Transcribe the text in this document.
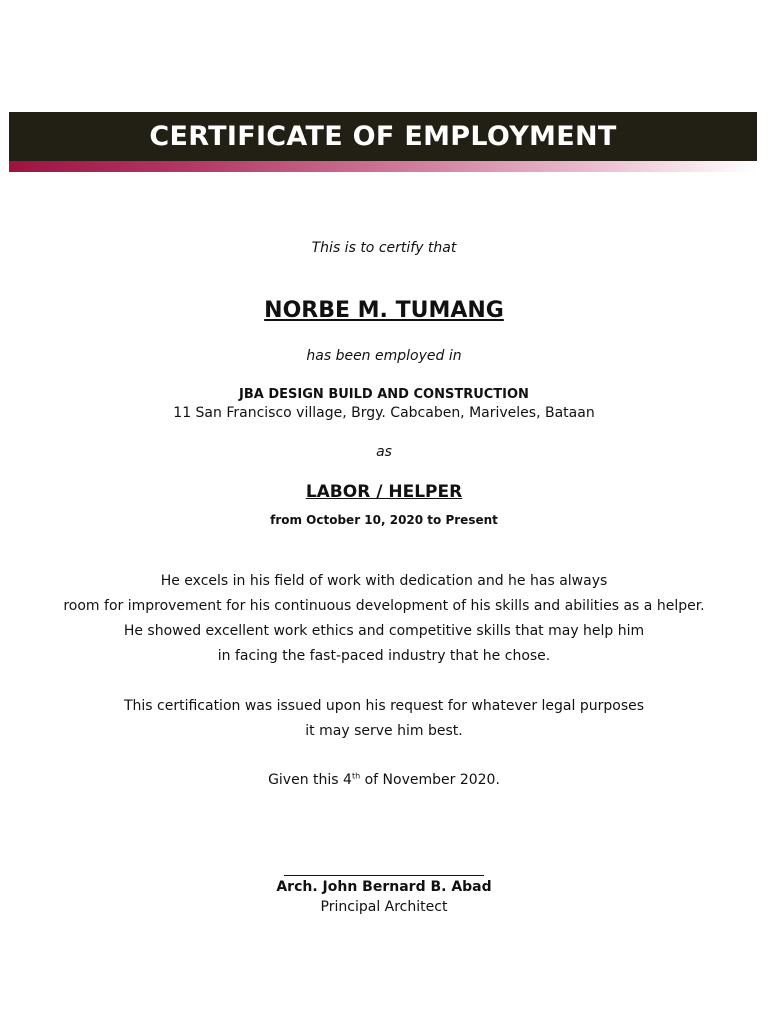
CERTIFICATE OF EMPLOYMENT
This is to certify that
NORBE M. TUMANG
has been employed in
JBA DESIGN BUILD AND CONSTRUCTION
11 San Francisco village, Brgy. Cabcaben, Mariveles, Bataan
as
LABOR / HELPER
from October 10, 2020 to Present
He excels in his field of work with dedication and he has always
room for improvement for his continuous development of his skills and abilities as a helper.
He showed excellent work ethics and competitive skills that may help him
in facing the fast-paced industry that he chose.
This certification was issued upon his request for whatever legal purposes
it may serve him best.
Given this 4th of November 2020.
Arch. John Bernard B. Abad
Principal Architect
